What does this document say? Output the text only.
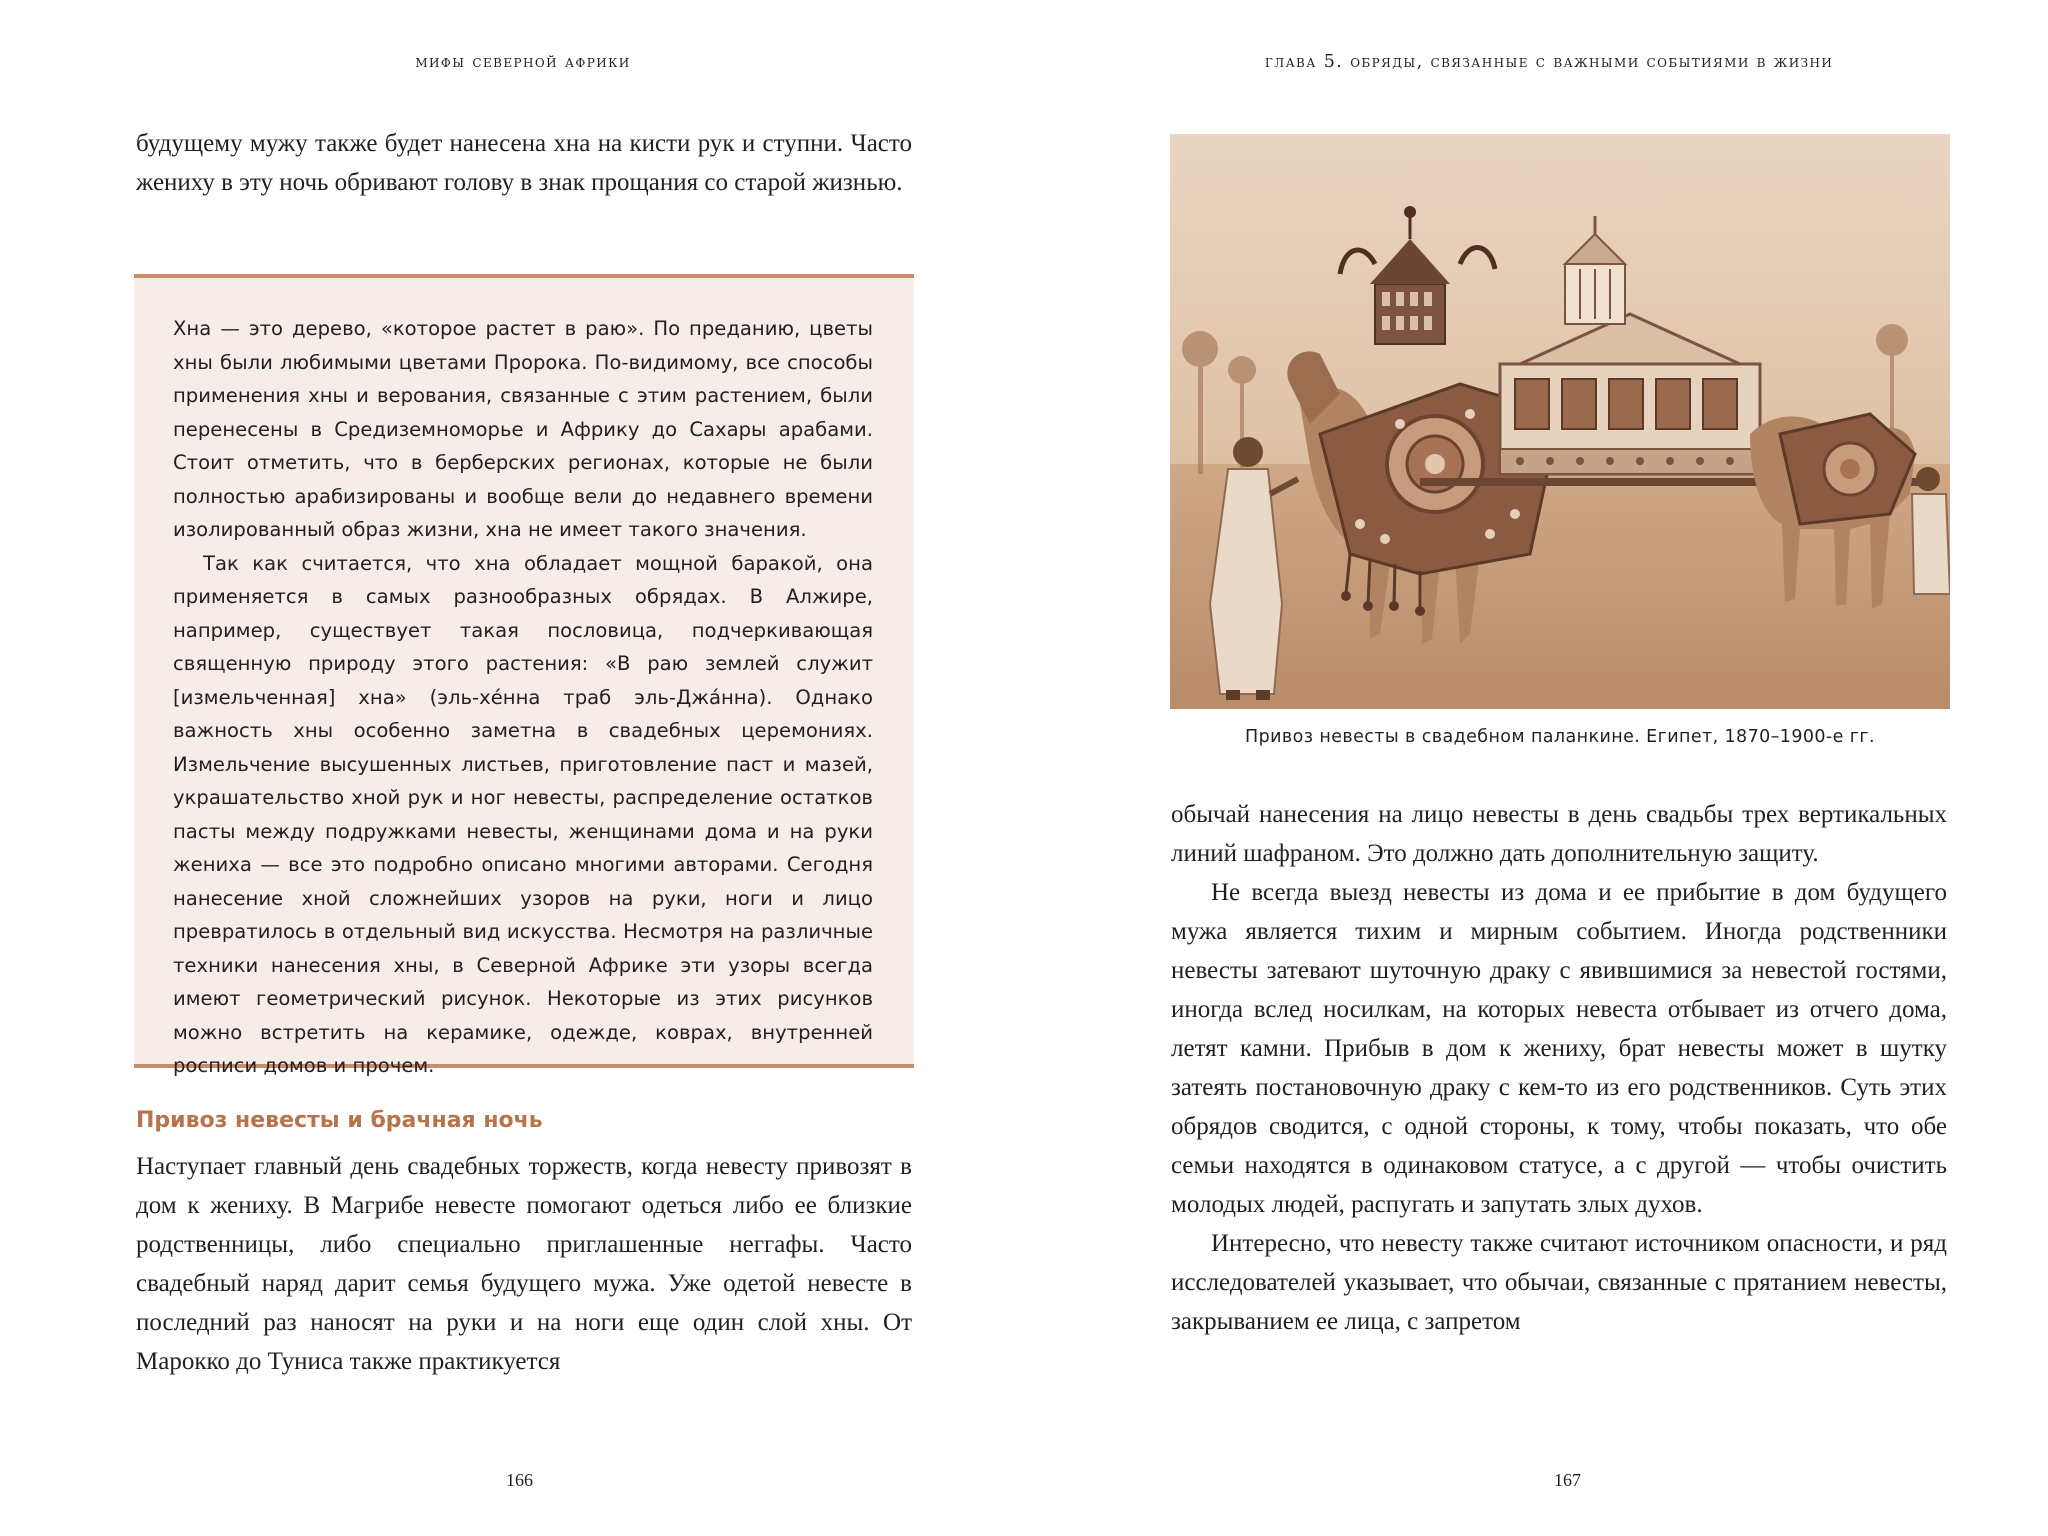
мифы северной африки

будущему мужу также будет нанесена хна на кисти рук и ступни. Часто жениху в эту ночь обривают голову в знак прощания со старой жизнью.

Хна — это дерево, «которое растет в раю». По преданию, цветы хны были любимыми цветами Пророка. По-видимому, все способы применения хны и верования, связанные с этим растением, были перенесены в Средиземноморье и Африку до Сахары арабами. Стоит отметить, что в берберских регионах, которые не были полностью арабизированы и вообще вели до недавнего времени изолированный образ жизни, хна не имеет такого значения.

Так как считается, что хна обладает мощной баракой, она применяется в самых разнообразных обрядах. В Алжире, например, существует такая пословица, подчеркивающая священную природу этого растения: «В раю землей служит [измельченная] хна» (эль-хе́нна траб эль-Джа́нна). Однако важность хны особенно заметна в свадебных церемониях. Измельчение высушенных листьев, приготовление паст и мазей, украшательство хной рук и ног невесты, распределение остатков пасты между подружками невесты, женщинами дома и на руки жениха — все это подробно описано многими авторами. Сегодня нанесение хной сложнейших узоров на руки, ноги и лицо превратилось в отдельный вид искусства. Несмотря на различные техники нанесения хны, в Северной Африке эти узоры всегда имеют геометрический рисунок. Некоторые из этих рисунков можно встретить на керамике, одежде, коврах, внутренней росписи домов и прочем.

Привоз невесты и брачная ночь

Наступает главный день свадебных торжеств, когда невесту привозят в дом к жениху. В Магрибе невесте помогают одеться либо ее близкие родственницы, либо специально приглашенные неггафы. Часто свадебный наряд дарит семья будущего мужа. Уже одетой невесте в последний раз наносят на руки и на ноги еще один слой хны. От Марокко до Туниса также практикуется

166
глава 5. обряды, связанные с важными событиями в жизни
Привоз невесты в свадебном паланкине. Египет, 1870–1900-е гг.

обычай нанесения на лицо невесты в день свадьбы трех вертикальных линий шафраном. Это должно дать дополнительную защиту.

Не всегда выезд невесты из дома и ее прибытие в дом будущего мужа является тихим и мирным событием. Иногда родственники невесты затевают шуточную драку с явившимися за невестой гостями, иногда вслед носилкам, на которых невеста отбывает из отчего дома, летят камни. Прибыв в дом к жениху, брат невесты может в шутку затеять постановочную драку с кем-то из его родственников. Суть этих обрядов сводится, с одной стороны, к тому, чтобы показать, что обе семьи находятся в одинаковом статусе, а с другой — чтобы очистить молодых людей, распугать и запутать злых духов.

Интересно, что невесту также считают источником опасности, и ряд исследователей указывает, что обычаи, связанные с прятанием невесты, закрыванием ее лица, с запретом

167
